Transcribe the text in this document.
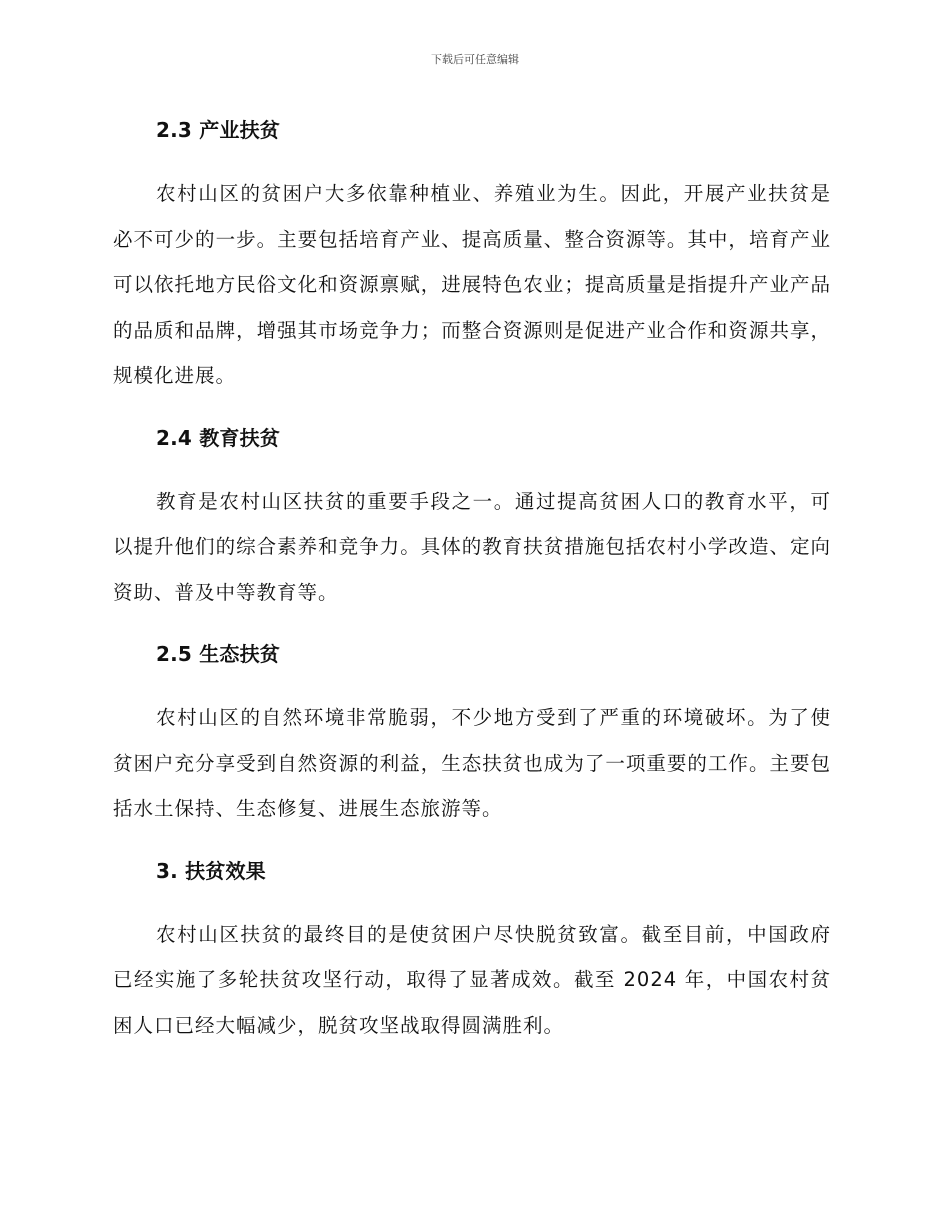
下载后可任意编辑
2.3 产业扶贫

农村山区的贫困户大多依靠种植业、养殖业为生。因此，开展产业扶贫是必不可少的一步。主要包括培育产业、提高质量、整合资源等。其中，培育产业可以依托地方民俗文化和资源禀赋，进展特色农业；提高质量是指提升产业产品的品质和品牌，增强其市场竞争力；而整合资源则是促进产业合作和资源共享，规模化进展。

2.4 教育扶贫

教育是农村山区扶贫的重要手段之一。通过提高贫困人口的教育水平，可以提升他们的综合素养和竞争力。具体的教育扶贫措施包括农村小学改造、定向资助、普及中等教育等。

2.5 生态扶贫

农村山区的自然环境非常脆弱，不少地方受到了严重的环境破坏。为了使贫困户充分享受到自然资源的利益，生态扶贫也成为了一项重要的工作。主要包括水土保持、生态修复、进展生态旅游等。

3. 扶贫效果

农村山区扶贫的最终目的是使贫困户尽快脱贫致富。截至目前，中国政府已经实施了多轮扶贫攻坚行动，取得了显著成效。截至 2024 年，中国农村贫困人口已经大幅减少，脱贫攻坚战取得圆满胜利。
